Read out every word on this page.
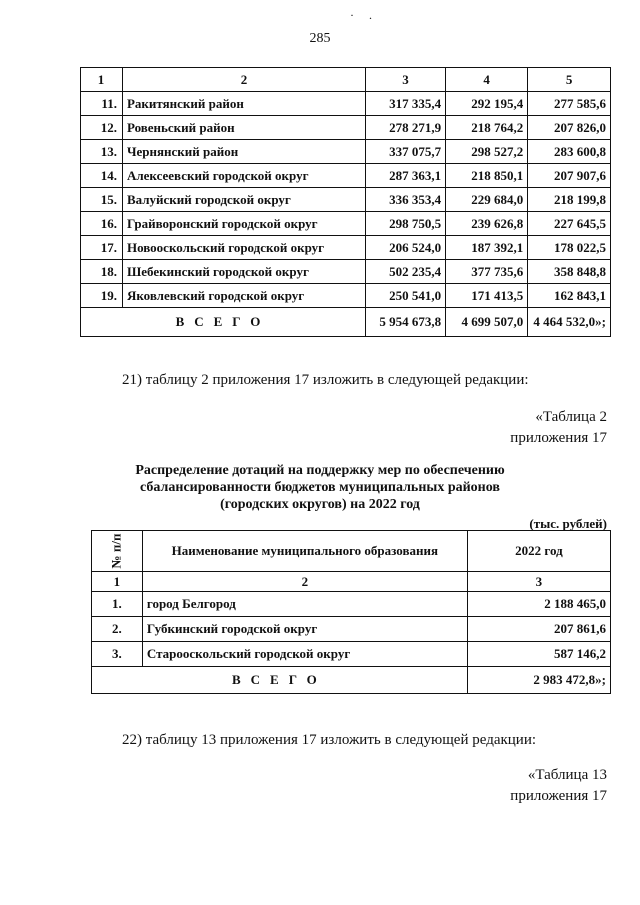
· .
285
1	2	3	4	5
11.	Ракитянский район	317 335,4	292 195,4	277 585,6
12.	Ровеньский район	278 271,9	218 764,2	207 826,0
13.	Чернянский район	337 075,7	298 527,2	283 600,8
14.	Алексеевский городской округ	287 363,1	218 850,1	207 907,6
15.	Валуйский городской округ	336 353,4	229 684,0	218 199,8
16.	Грайворонский городской округ	298 750,5	239 626,8	227 645,5
17.	Новооскольский городской округ	206 524,0	187 392,1	178 022,5
18.	Шебекинский городской округ	502 235,4	377 735,6	358 848,8
19.	Яковлевский городской округ	250 541,0	171 413,5	162 843,1
ВСЕГО		5 954 673,8	4 699 507,0	4 464 532,0»;
21) таблицу 2 приложения 17 изложить в следующей редакции:
«Таблица 2
приложения 17
Распределение дотаций на поддержку мер по обеспечению
сбалансированности бюджетов муниципальных районов
(городских округов) на 2022 год
(тыс. рублей)
№ п/п	Наименование муниципального образования	2022 год
1	2	3
1.	город Белгород	2 188 465,0
2.	Губкинский городской округ	207 861,6
3.	Старооскольский городской округ	587 146,2
ВСЕГО		2 983 472,8»;
22) таблицу 13 приложения 17 изложить в следующей редакции:
«Таблица 13
приложения 17
